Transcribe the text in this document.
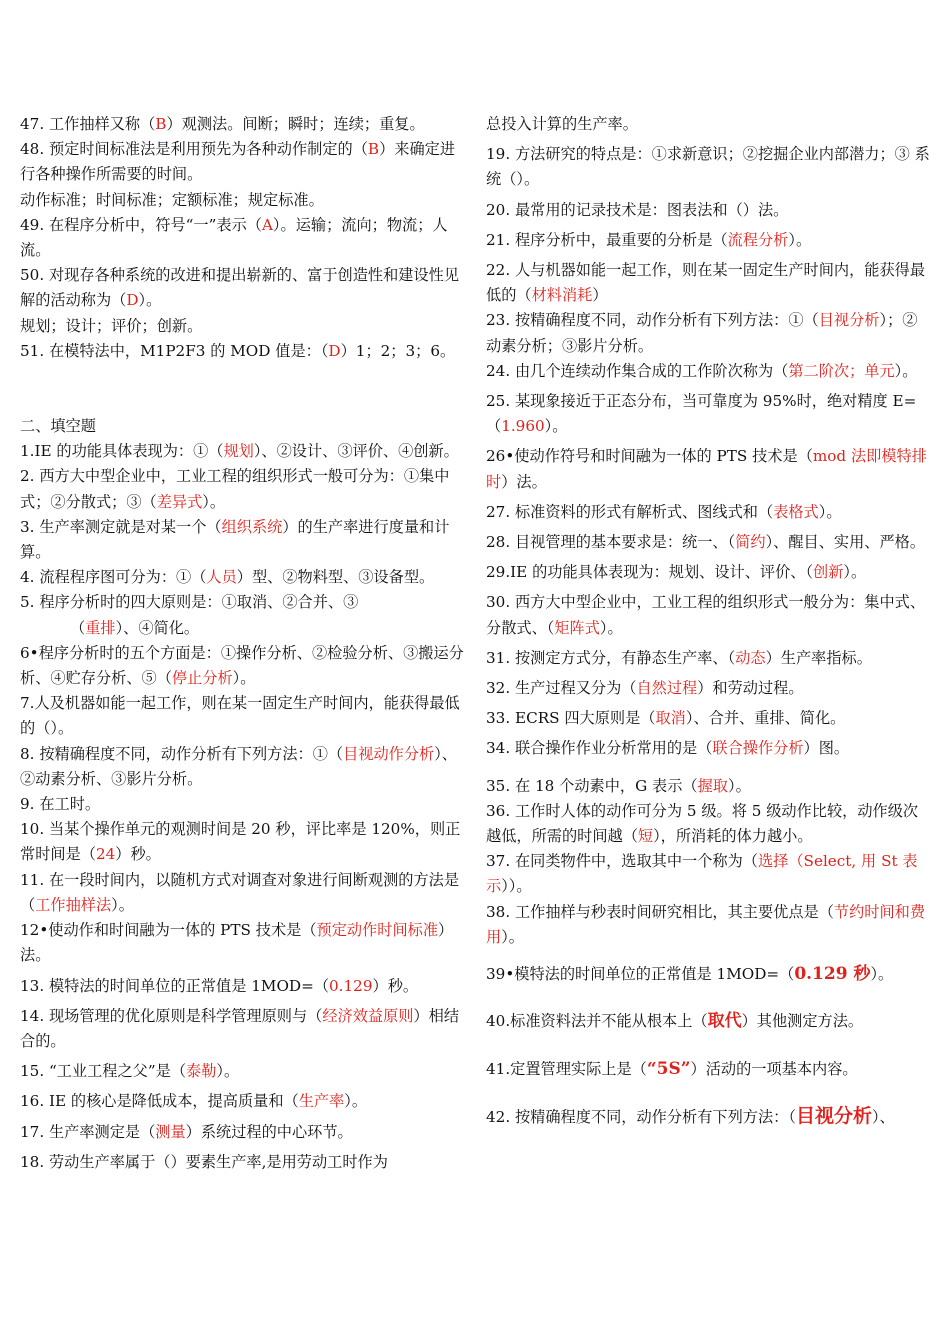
47. 工作抽样又称（B）观测法。间断；瞬时；连续；重复。

48. 预定时间标准法是利用预先为各种动作制定的（B）来确定进行各种操作所需要的时间。

动作标准；时间标准；定额标准；规定标准。

49. 在程序分析中，符号“一”表示（A）。运输；流向；物流；人流。

50. 对现存各种系统的改进和提出崭新的、富于创造性和建设性见解的活动称为（D）。

规划；设计；评价；创新。

51. 在模特法中，M1P2F3 的 MOD 值是：（D）1；2；3；6。

二、填空题

1.IE 的功能具体表现为：①（规划）、②设计、③评价、④创新。

2. 西方大中型企业中，工业工程的组织形式一般可分为：①集中式；②分散式；③（差异式）。

3. 生产率测定就是对某一个（组织系统）的生产率进行度量和计算。

4. 流程程序图可分为：①（人员）型、②物料型、③设备型。

5. 程序分析时的四大原则是：①取消、②合并、③

（重排）、④简化。

6•程序分析时的五个方面是：①操作分析、②检验分析、③搬运分析、④贮存分析、⑤（停止分析）。

7.人及机器如能一起工作，则在某一固定生产时间内，能获得最低的（）。

8. 按精确程度不同，动作分析有下列方法：①（目视动作分析）、②动素分析、③影片分析。

9. 在工时。

10. 当某个操作单元的观测时间是 20 秒，评比率是 120%，则正常时间是（24）秒。

11. 在一段时间内，以随机方式对调查对象进行间断观测的方法是（工作抽样法）。

12•使动作和时间融为一体的 PTS 技术是（预定动作时间标准）法。

13. 模特法的时间单位的正常值是 1MOD=（0.129）秒。

14. 现场管理的优化原则是科学管理原则与（经济效益原则）相结合的。

15. “工业工程之父”是（泰勒）。

16. IE 的核心是降低成本，提高质量和（生产率）。

17. 生产率测定是（测量）系统过程的中心环节。

18. 劳动生产率属于（）要素生产率,是用劳动工时作为

总投入计算的生产率。

19. 方法研究的特点是：①求新意识；②挖掘企业内部潜力；③ 系统（）。

20. 最常用的记录技术是：图表法和（）法。

21. 程序分析中，最重要的分析是（流程分析）。

22. 人与机器如能一起工作，则在某一固定生产时间内，能获得最低的（材料消耗）

23. 按精确程度不同，动作分析有下列方法：①（目视分析）；②动素分析；③影片分析。

24. 由几个连续动作集合成的工作阶次称为（第二阶次；单元）。

25. 某现象接近于正态分布，当可靠度为 95%时，绝对精度 E=（1.960）。

26•使动作符号和时间融为一体的 PTS 技术是（mod 法即模特排时）法。

27. 标准资料的形式有解析式、图线式和（表格式）。

28. 目视管理的基本要求是：统一、（简约）、醒目、实用、严格。

29.IE 的功能具体表现为：规划、设计、评价、（创新）。

30. 西方大中型企业中，工业工程的组织形式一般分为：集中式、分散式、（矩阵式）。

31. 按测定方式分，有静态生产率、（动态）生产率指标。

32. 生产过程又分为（自然过程）和劳动过程。

33. ECRS 四大原则是（取消）、合并、重排、简化。

34. 联合操作作业分析常用的是（联合操作分析）图。

35. 在 18 个动素中，G 表示（握取）。

36. 工作时人体的动作可分为 5 级。将 5 级动作比较，动作级次越低，所需的时间越（短），所消耗的体力越小。

37. 在同类物件中，选取其中一个称为（选择（Select, 用 St 表示））。

38. 工作抽样与秒表时间研究相比，其主要优点是（节约时间和费用）。

39•模特法的时间单位的正常值是 1MOD=（0.129 秒）。

40.标准资料法并不能从根本上（取代）其他测定方法。

41.定置管理实际上是（“5S”）活动的一项基本内容。

42. 按精确程度不同，动作分析有下列方法：（目视分析）、
